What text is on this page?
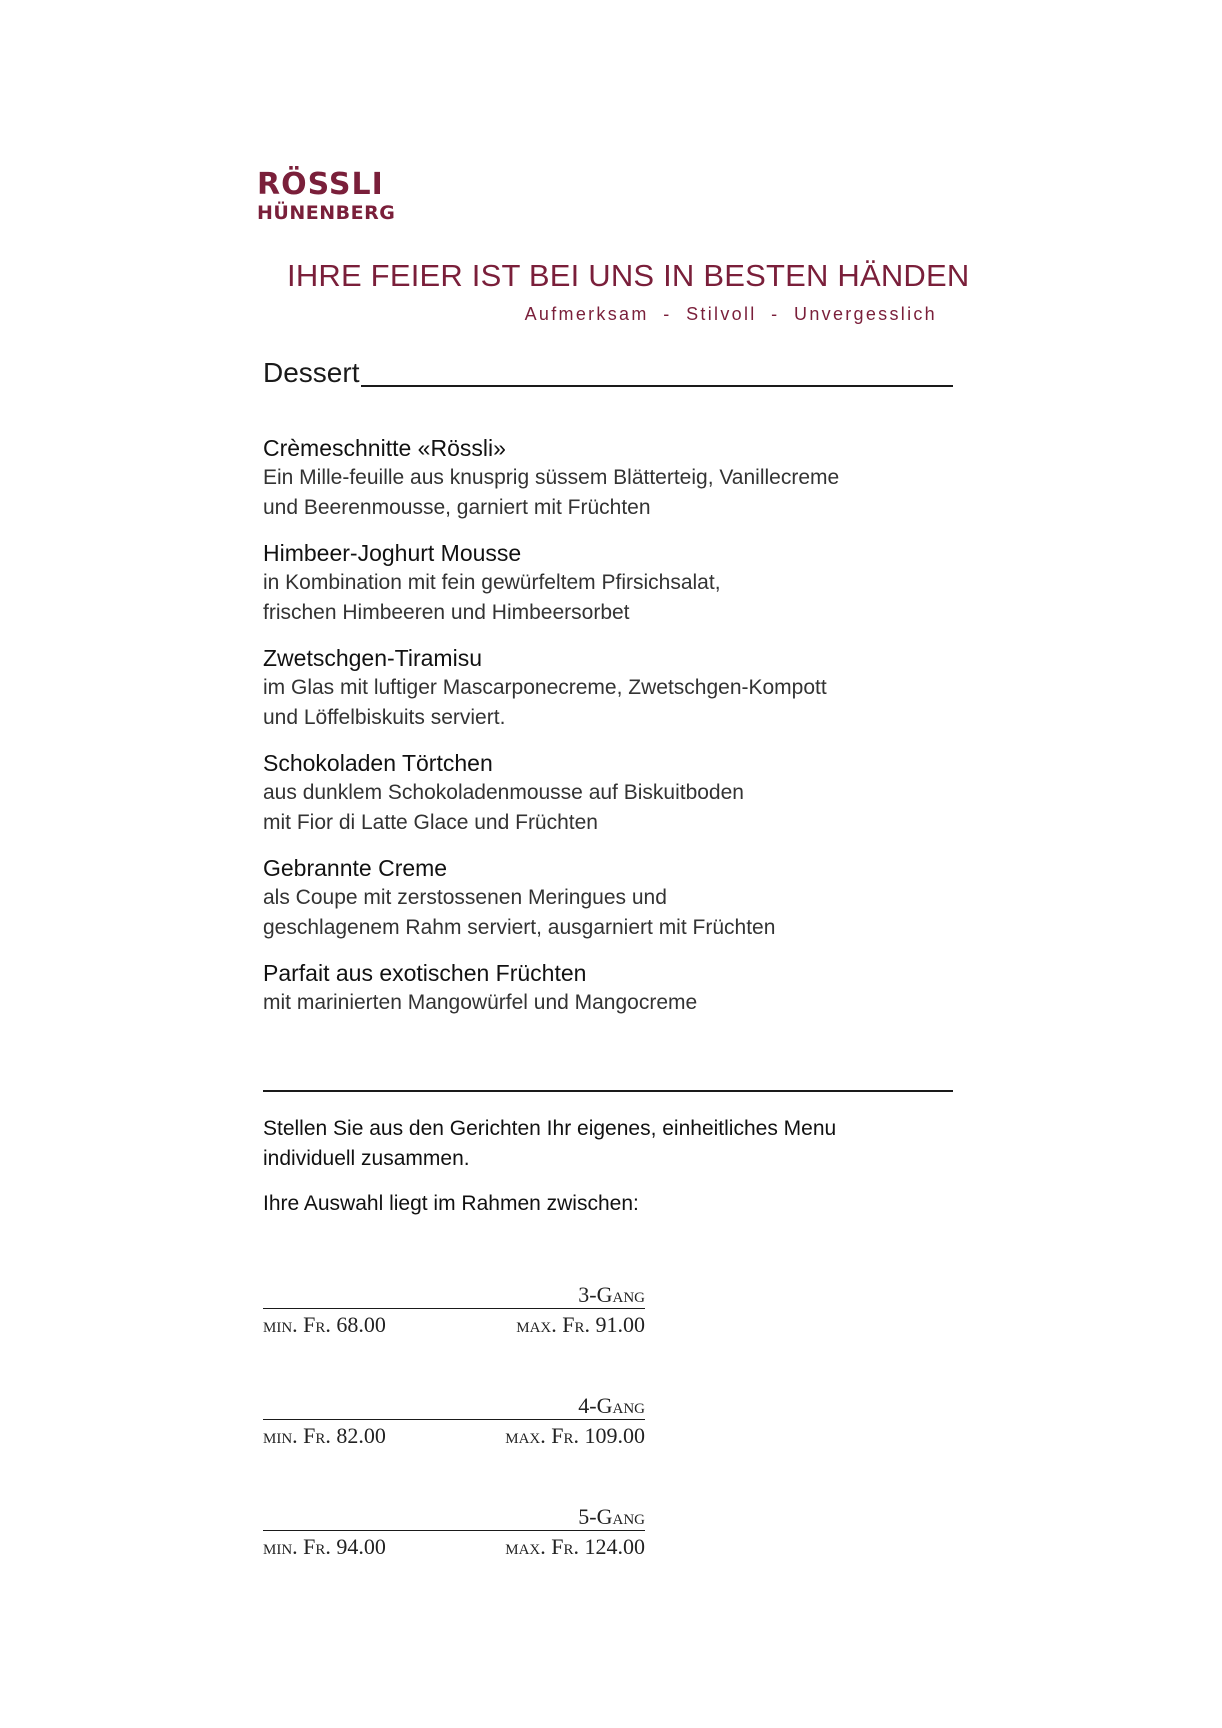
RÖSSLI
HÜNENBERG
IHRE FEIER IST BEI UNS IN BESTEN HÄNDEN
Aufmerksam  -  Stilvoll  -  Unvergesslich
Dessert
Crèmeschnitte «Rössli»
Ein Mille-feuille aus knusprig süssem Blätterteig, Vanillecreme
und Beerenmousse, garniert mit Früchten
Himbeer-Joghurt Mousse
in Kombination mit fein gewürfeltem Pfirsichsalat,
frischen Himbeeren und Himbeersorbet
Zwetschgen-Tiramisu
im Glas mit luftiger Mascarponecreme, Zwetschgen-Kompott
und Löffelbiskuits serviert.
Schokoladen Törtchen
aus dunklem Schokoladenmousse auf Biskuitboden
mit Fior di Latte Glace und Früchten
Gebrannte Creme
als Coupe mit zerstossenen Meringues und
geschlagenem Rahm serviert, ausgarniert mit Früchten
Parfait aus exotischen Früchten
mit marinierten Mangowürfel und Mangocreme
Stellen Sie aus den Gerichten Ihr eigenes, einheitliches Menu individuell zusammen.
Ihre Auswahl liegt im Rahmen zwischen:
3-Gang
min. Fr. 68.00	max. Fr. 91.00
4-Gang
min. Fr. 82.00	max. Fr. 109.00
5-Gang
min. Fr. 94.00	max. Fr. 124.00
